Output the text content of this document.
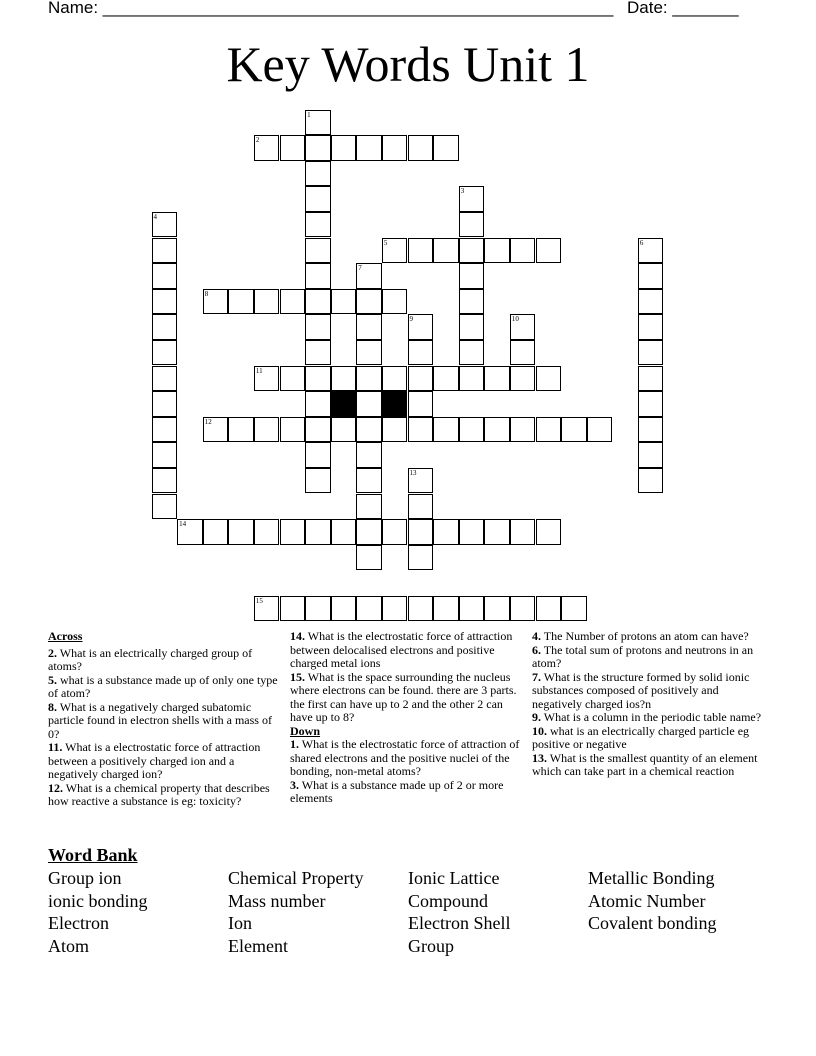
Name: ______________________________________________________ Date: _______
Key Words Unit 1
1
2
3
4
5	6
7
8
9	10
11
12
13
14
15

Across

2. What is an electrically charged group of atoms?

5. what is a substance made up of only one type of atom?

8. What is a negatively charged subatomic particle found in electron shells with a mass of 0?

11. What is a electrostatic force of attraction between a positively charged ion and a negatively charged ion?

12. What is a chemical property that describes how reactive a substance is eg: toxicity?

14. What is the electrostatic force of attraction between delocalised electrons and positive charged metal ions

15. What is the space surrounding the nucleus where electrons can be found. there are 3 parts. the first can have up to 2 and the other 2 can have up to 8?

Down

1. What is the electrostatic force of attraction of shared electrons and the positive nuclei of the bonding, non-metal atoms?

3. What is a substance made up of 2 or more elements

4. The Number of protons an atom can have?

6. The total sum of protons and neutrons in an atom?

7. What is the structure formed by solid ionic substances composed of positively and negatively charged ios?n

9. What is a column in the periodic table name?

10. what is an electrically charged particle eg positive or negative

13. What is the smallest quantity of an element which can take part in a chemical reaction

Word Bank
Group ion
ionic bonding
Electron
Atom
Chemical Property
Mass number
Ion
Element
Ionic Lattice
Compound
Electron Shell
Group
Metallic Bonding
Atomic Number
Covalent bonding
